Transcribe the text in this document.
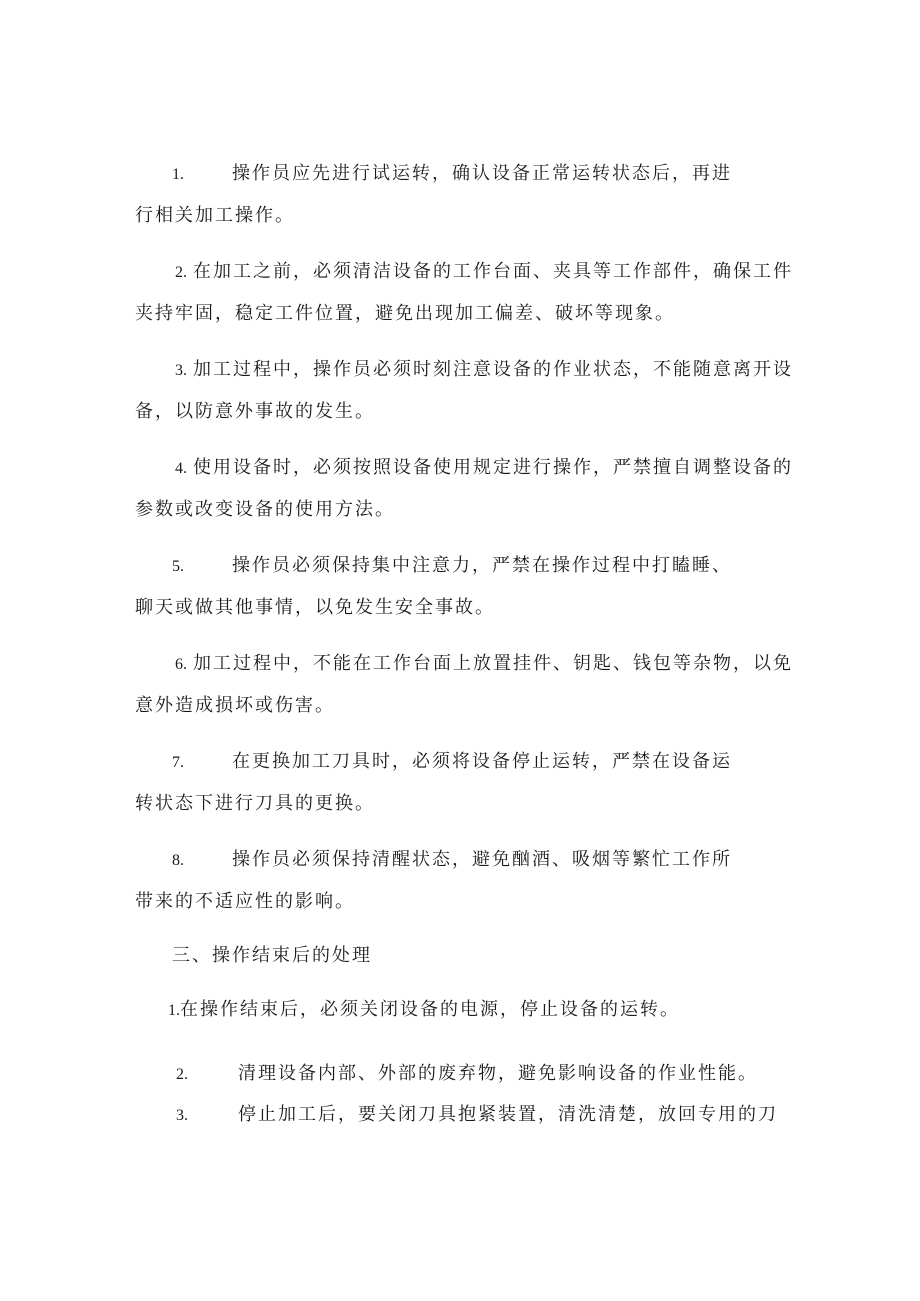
1.	操作员应先进行试运转，确认设备正常运转状态后，再进
行相关加工操作。
2. 在加工之前，必须清洁设备的工作台面、夹具等工作部件，确保工件
夹持牢固，稳定工件位置，避免出现加工偏差、破坏等现象。
3. 加工过程中，操作员必须时刻注意设备的作业状态，不能随意离开设
备，以防意外事故的发生。
4. 使用设备时，必须按照设备使用规定进行操作，严禁擅自调整设备的
参数或改变设备的使用方法。
5.	操作员必须保持集中注意力，严禁在操作过程中打瞌睡、
聊天或做其他事情，以免发生安全事故。
6. 加工过程中，不能在工作台面上放置挂件、钥匙、钱包等杂物，以免
意外造成损坏或伤害。
7.	在更换加工刀具时，必须将设备停止运转，严禁在设备运
转状态下进行刀具的更换。
8.	操作员必须保持清醒状态，避免酗酒、吸烟等繁忙工作所
带来的不适应性的影响。
三、操作结束后的处理
1.在操作结束后，必须关闭设备的电源，停止设备的运转。
2.	清理设备内部、外部的废弃物，避免影响设备的作业性能。
3.	停止加工后，要关闭刀具抱紧装置，清洗清楚，放回专用的刀
